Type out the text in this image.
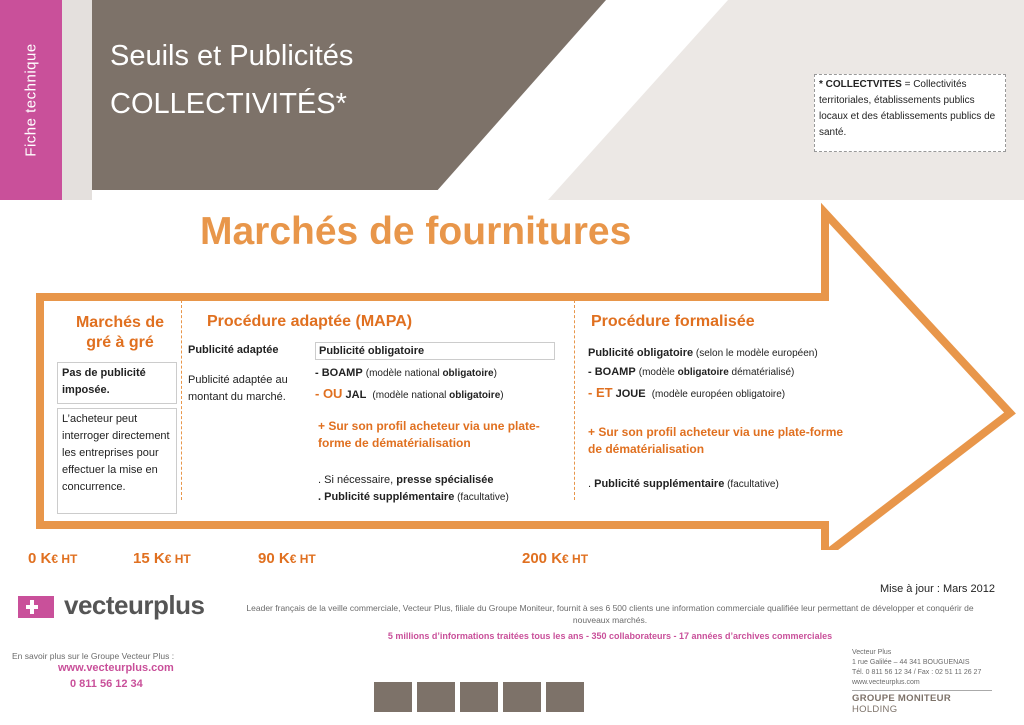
Fiche technique Seuils et Publicités
COLLECTIVITÉS*
* COLLECTVITES = Collectivités territoriales, établissements publics locaux et des établissements publics de santé.
Marchés de fournitures
Marchés de gré à gré
Procédure adaptée (MAPA)	Procédure formalisée
Pas de publicité imposée.
L’acheteur peut interroger directement les entreprises pour effectuer la mise en concurrence.
Publicité adaptée
Publicité adaptée au montant du marché.
Publicité obligatoire
- BOAMP (modèle national obligatoire)
- OU JAL (modèle national obligatoire)
+ Sur son profil acheteur via une plate-forme de dématérialisation
. Si nécessaire, presse spécialisée
. Publicité supplémentaire (facultative)
Publicité obligatoire (selon le modèle européen)
- BOAMP (modèle obligatoire dématérialisé)
- ET JOUE (modèle européen obligatoire)
+ Sur son profil acheteur via une plate-forme de dématérialisation
. Publicité supplémentaire (facultative)
0 K€ HT	15 K€ HT	90 K€ HT	200 K€ HT
Mise à jour : Mars 2012
vecteurplus	Leader français de la veille commerciale, Vecteur Plus, filiale du Groupe Moniteur, fournit à ses 6 500 clients une information commerciale qualifiée leur permettant de développer et conquérir de nouveaux marchés.
5 millions d’informations traitées tous les ans - 350 collaborateurs - 17 années d’archives commerciales
En savoir plus sur le Groupe Vecteur Plus :
www.vecteurplus.com
0 811 56 12 34
Vecteur Plus
1 rue Galilée – 44 341 BOUGUENAIS
Tél. 0 811 56 12 34 / Fax : 02 51 11 26 27
www.vecteurplus.com
GROUPE MONITEUR HOLDING
